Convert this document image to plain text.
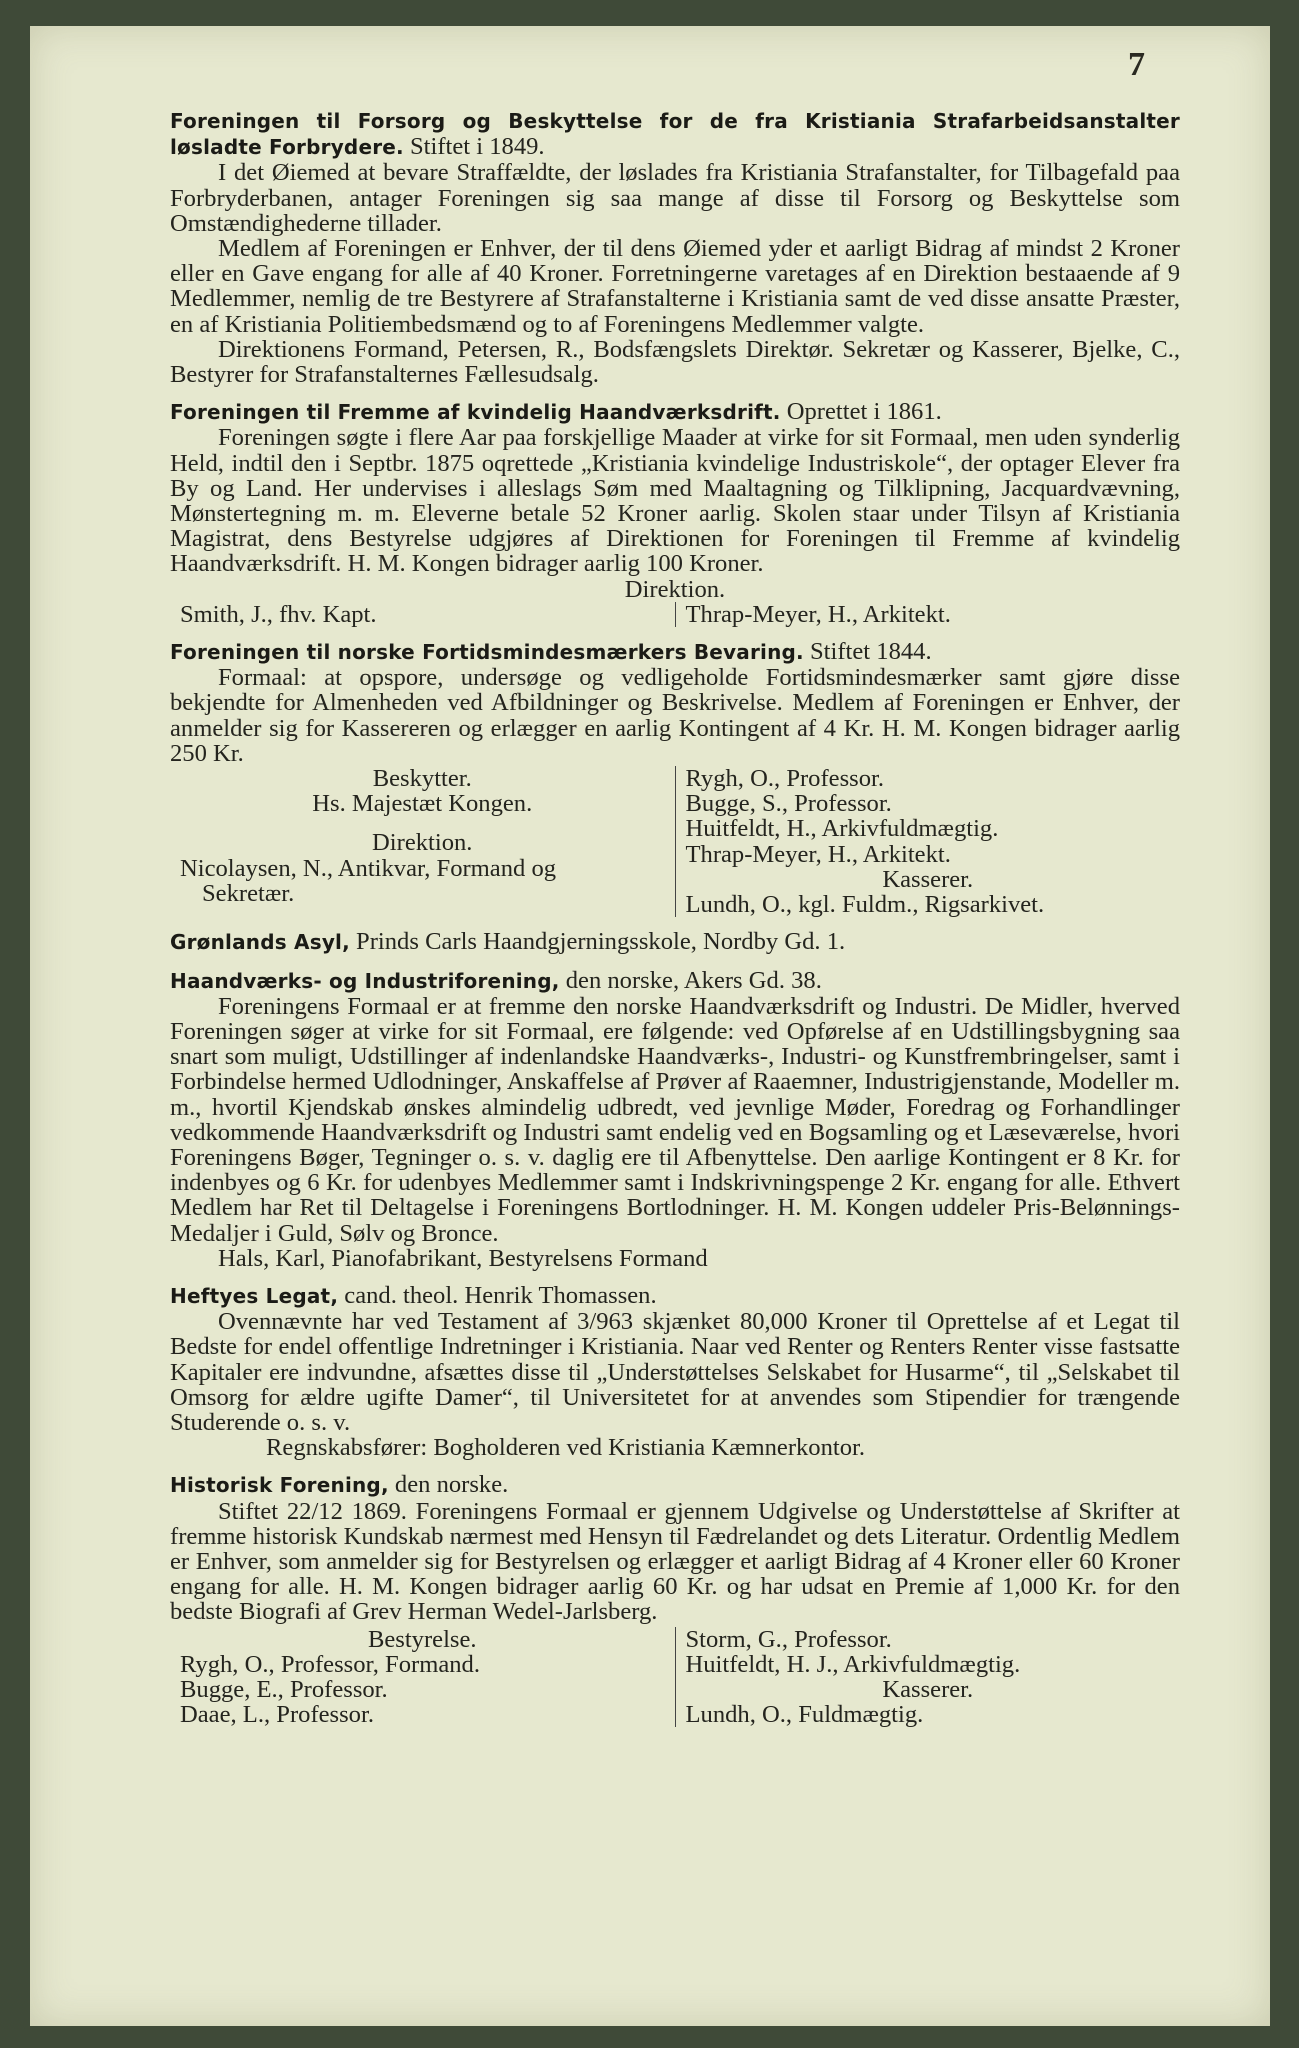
7

Foreningen til Forsorg og Beskyttelse for de fra Kristiania Strafarbeidsanstalter løsladte Forbrydere. Stiftet i 1849.

I det Øiemed at bevare Straffældte, der løslades fra Kristiania Strafanstalter, for Tilbagefald paa Forbryderbanen, antager Foreningen sig saa mange af disse til Forsorg og Beskyttelse som Omstændighederne tillader.

Medlem af Foreningen er Enhver, der til dens Øiemed yder et aarligt Bidrag af mindst 2 Kroner eller en Gave engang for alle af 40 Kroner. Forretningerne varetages af en Direktion bestaaende af 9 Medlemmer, nemlig de tre Bestyrere af Strafanstalterne i Kristiania samt de ved disse ansatte Præster, en af Kristiania Politiembedsmænd og to af Foreningens Medlemmer valgte.

Direktionens Formand, Petersen, R., Bodsfængslets Direktør. Sekretær og Kasserer, Bjelke, C., Bestyrer for Strafanstalternes Fællesudsalg.

Foreningen til Fremme af kvindelig Haandværksdrift. Oprettet i 1861.

Foreningen søgte i flere Aar paa forskjellige Maader at virke for sit Formaal, men uden synderlig Held, indtil den i Septbr. 1875 oqrettede „Kristiania kvindelige Industriskole“, der optager Elever fra By og Land. Her undervises i alleslags Søm med Maaltagning og Tilklipning, Jacquardvævning, Mønstertegning m. m. Eleverne betale 52 Kroner aarlig. Skolen staar under Tilsyn af Kristiania Magistrat, dens Bestyrelse udgjøres af Direktionen for Foreningen til Fremme af kvindelig Haandværksdrift. H. M. Kongen bidrager aarlig 100 Kroner.

Direktion.

Smith, J., fhv. Kapt.	Thrap-Meyer, H., Arkitekt.

Foreningen til norske Fortidsmindesmærkers Bevaring. Stiftet 1844.

Formaal: at opspore, undersøge og vedligeholde Fortidsmindesmærker samt gjøre disse bekjendte for Almenheden ved Afbildninger og Beskrivelse. Medlem af Foreningen er Enhver, der anmelder sig for Kassereren og erlægger en aarlig Kontingent af 4 Kr. H. M. Kongen bidrager aarlig 250 Kr.

Beskytter.
Hs. Majestæt Kongen.
Direktion.
Nicolaysen, N., Antikvar, Formand og
Sekretær.
Rygh, O., Professor.
Bugge, S., Professor.
Huitfeldt, H., Arkivfuldmægtig.
Thrap-Meyer, H., Arkitekt.
Kasserer.
Lundh, O., kgl. Fuldm., Rigsarkivet.

Grønlands Asyl, Prinds Carls Haandgjerningsskole, Nordby Gd. 1.

Haandværks- og Industriforening, den norske, Akers Gd. 38.

Foreningens Formaal er at fremme den norske Haandværksdrift og Industri. De Midler, hverved Foreningen søger at virke for sit Formaal, ere følgende: ved Opførelse af en Udstillingsbygning saa snart som muligt, Udstillinger af indenlandske Haandværks-, Industri- og Kunstfrembringelser, samt i Forbindelse hermed Udlodninger, Anskaffelse af Prøver af Raaemner, Industrigjenstande, Modeller m. m., hvortil Kjendskab ønskes almindelig udbredt, ved jevnlige Møder, Foredrag og Forhandlinger vedkommende Haandværksdrift og Industri samt endelig ved en Bogsamling og et Læseværelse, hvori Foreningens Bøger, Tegninger o. s. v. daglig ere til Afbenyttelse. Den aarlige Kontingent er 8 Kr. for indenbyes og 6 Kr. for udenbyes Medlemmer samt i Indskrivningspenge 2 Kr. engang for alle. Ethvert Medlem har Ret til Deltagelse i Foreningens Bortlodninger. H. M. Kongen uddeler Pris-Belønnings-Medaljer i Guld, Sølv og Bronce.

Hals, Karl, Pianofabrikant, Bestyrelsens Formand

Heftyes Legat, cand. theol. Henrik Thomassen.

Ovennævnte har ved Testament af 3/963 skjænket 80,000 Kroner til Oprettelse af et Legat til Bedste for endel offentlige Indretninger i Kristiania. Naar ved Renter og Renters Renter visse fastsatte Kapitaler ere indvundne, afsættes disse til „Understøttelses Selskabet for Husarme“, til „Selskabet til Omsorg for ældre ugifte Damer“, til Universitetet for at anvendes som Stipendier for trængende Studerende o. s. v.

Regnskabsfører: Bogholderen ved Kristiania Kæmnerkontor.

Historisk Forening, den norske.

Stiftet 22/12 1869. Foreningens Formaal er gjennem Udgivelse og Understøttelse af Skrifter at fremme historisk Kundskab nærmest med Hensyn til Fædrelandet og dets Literatur. Ordentlig Medlem er Enhver, som anmelder sig for Bestyrelsen og erlægger et aarligt Bidrag af 4 Kroner eller 60 Kroner engang for alle. H. M. Kongen bidrager aarlig 60 Kr. og har udsat en Premie af 1,000 Kr. for den bedste Biografi af Grev Herman Wedel-Jarlsberg.

Bestyrelse.
Rygh, O., Professor, Formand.
Bugge, E., Professor.
Daae, L., Professor.
Storm, G., Professor.
Huitfeldt, H. J., Arkivfuldmægtig.
Kasserer.
Lundh, O., Fuldmægtig.
